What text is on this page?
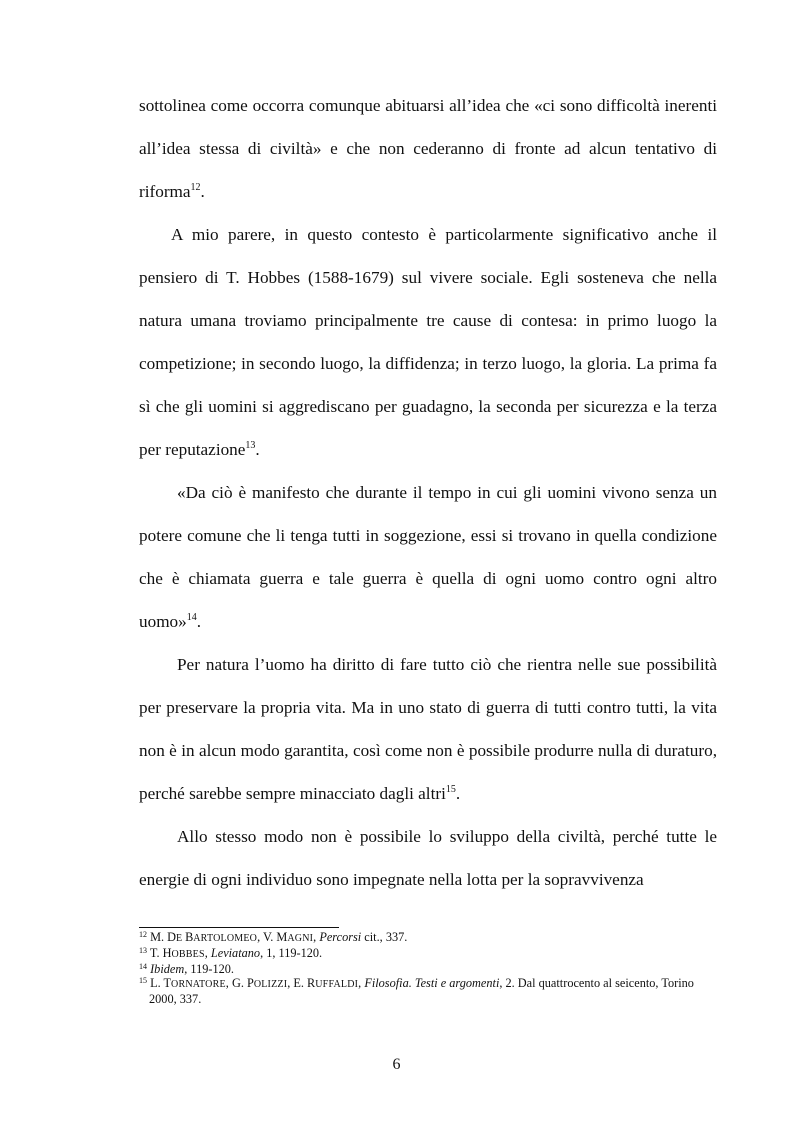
sottolinea come occorra comunque abituarsi all’idea che «ci sono difficoltà inerenti all’idea stessa di civiltà» e che non cederanno di fronte ad alcun tentativo di riforma$^{12}$.

A mio parere, in questo contesto è particolarmente significativo anche il pensiero di T. Hobbes (1588-1679) sul vivere sociale. Egli sosteneva che nella natura umana troviamo principalmente tre cause di contesa: in primo luogo la competizione; in secondo luogo, la diffidenza; in terzo luogo, la gloria. La prima fa sì che gli uomini si aggrediscano per guadagno, la seconda per sicurezza e la terza per reputazione$^{13}$.

«Da ciò è manifesto che durante il tempo in cui gli uomini vivono senza un potere comune che li tenga tutti in soggezione, essi si trovano in quella condizione che è chiamata guerra e tale guerra è quella di ogni uomo contro ogni altro uomo»$^{14}$.

Per natura l’uomo ha diritto di fare tutto ciò che rientra nelle sue possibilità per preservare la propria vita. Ma in uno stato di guerra di tutti contro tutti, la vita non è in alcun modo garantita, così come non è possibile produrre nulla di duraturo, perché sarebbe sempre minacciato dagli altri$^{15}$.

Allo stesso modo non è possibile lo sviluppo della civiltà, perché tutte le energie di ogni individuo sono impegnate nella lotta per la sopravvivenza

$^{12}$ M. DE BARTOLOMEO, V. MAGNI, Percorsi cit., 337.

$^{13}$ T. HOBBES, Leviatano, 1, 119-120.

$^{14}$ Ibidem, 119-120.

$^{15}$ L. TORNATORE, G. POLIZZI, E. RUFFALDI, Filosofia. Testi e argomenti, 2. Dal quattrocento al seicento, Torino 2000, 337.

6
